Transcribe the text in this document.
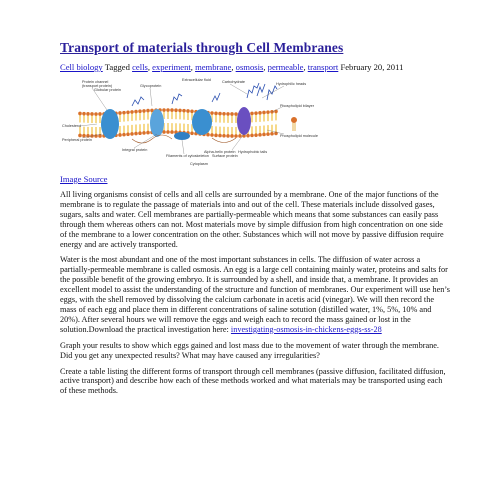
Transport of materials through Cell Membranes
Cell biology Tagged cells, experiment, membrane, osmosis, permeable, transport February 20, 2011
Protein channel
(transport protein)
Globular protein
Glycoprotein
Extracellular fluid	Carbohydrate	Hydrophilic heads
Phospholipid bilayer
Cholesterol
Peripheral protein
Integral protein
Filaments of cytoskeleton
Alpha-helix protein Hydrophobic tails
Surface protein
Phospholipid molecule
Cytoplasm
Image Source

All living organisms consist of cells and all cells are surrounded by a membrane. One of the major functions of the membrane is to regulate the passage of materials into and out of the cell. These materials include dissolved gases, sugars, salts and water. Cell membranes are partially-permeable which means that some substances can easily pass through them whereas others can not. Most materials move by simple diffusion from high concentration on one side of the membrane to a lower concentration on the other. Substances which will not move by passive diffusion require energy and are actively transported.

Water is the most abundant and one of the most important substances in cells. The diffusion of water across a partially-permeable membrane is called osmosis. An egg is a large cell containing mainly water, proteins and salts for the possible benefit of the growing embryo. It is surrounded by a shell, and inside that, a membrane. It provides an excellent model to assist the understanding of the structure and function of membranes. Our experiment will use hen’s eggs, with the shell removed by dissolving the calcium carbonate in acetis acid (vinegar). We will then record the mass of each egg and place them in different concentrations of saline sotution (distilled water, 1%, 5%, 10% and 20%). After several hours we will remove the eggs and weigh each to record the mass gained or lost in the solution.Download the practical investigation here: investigating-osmosis-in-chickens-eggs-ss-28

Graph your results to show which eggs gained and lost mass due to the movement of water through the membrane. Did you get any unexpected results? What may have caused any irregularities?

Create a table listing the different forms of transport through cell membranes (passive diffusion, facilitated diffusion, active transport) and describe how each of these methods worked and what materials may be transported using each of these methods.
